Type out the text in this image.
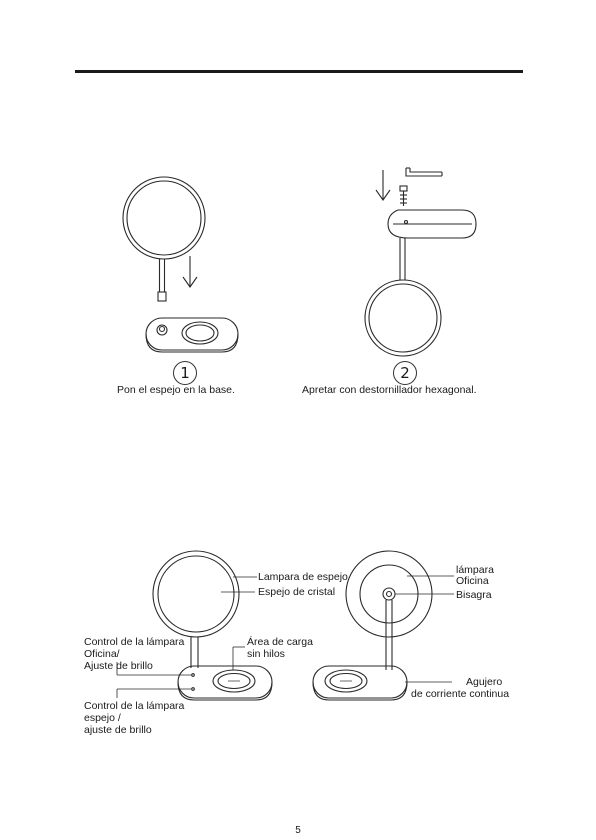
1
Pon el espejo en la base.
2
Apretar con destornillador hexagonal.
Lampara de espejo
Espejo de cristal
lámpara
Oficina
Bisagra
Control de la lámpara
Oficina/
Ajuste de brillo
Área de carga
sin hilos
Control de la lámpara
espejo /
ajuste de brillo
Agujero
de corriente continua
5
